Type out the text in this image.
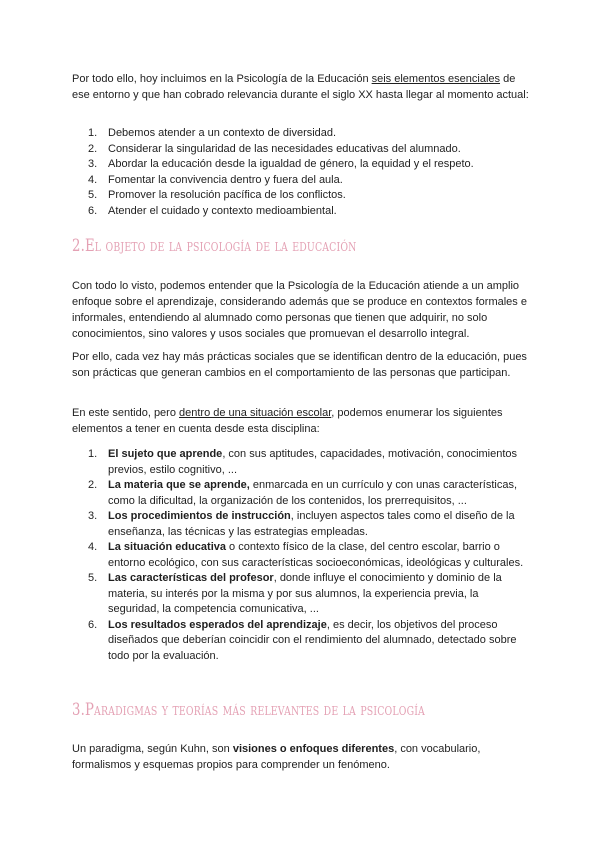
Por todo ello, hoy incluimos en la Psicología de la Educación seis elementos esenciales de ese entorno y que han cobrado relevancia durante el siglo XX hasta llegar al momento actual:

1. Debemos atender a un contexto de diversidad.
2. Considerar la singularidad de las necesidades educativas del alumnado.
3. Abordar la educación desde la igualdad de género, la equidad y el respeto.
4. Fomentar la convivencia dentro y fuera del aula.
5. Promover la resolución pacífica de los conflictos.
6. Atender el cuidado y contexto medioambiental.
2.El objeto de la psicología de la educación

Con todo lo visto, podemos entender que la Psicología de la Educación atiende a un amplio enfoque sobre el aprendizaje, considerando además que se produce en contextos formales e informales, entendiendo al alumnado como personas que tienen que adquirir, no solo conocimientos, sino valores y usos sociales que promuevan el desarrollo integral.

Por ello, cada vez hay más prácticas sociales que se identifican dentro de la educación, pues son prácticas que generan cambios en el comportamiento de las personas que participan.

En este sentido, pero dentro de una situación escolar, podemos enumerar los siguientes elementos a tener en cuenta desde esta disciplina:

1. El sujeto que aprende, con sus aptitudes, capacidades, motivación, conocimientos previos, estilo cognitivo, ...
2. La materia que se aprende, enmarcada en un currículo y con unas características, como la dificultad, la organización de los contenidos, los prerrequisitos, ...
3. Los procedimientos de instrucción, incluyen aspectos tales como el diseño de la enseñanza, las técnicas y las estrategias empleadas.
4. La situación educativa o contexto físico de la clase, del centro escolar, barrio o entorno ecológico, con sus características socioeconómicas, ideológicas y culturales.
5. Las características del profesor, donde influye el conocimiento y dominio de la materia, su interés por la misma y por sus alumnos, la experiencia previa, la seguridad, la competencia comunicativa, ...
6. Los resultados esperados del aprendizaje, es decir, los objetivos del proceso diseñados que deberían coincidir con el rendimiento del alumnado, detectado sobre todo por la evaluación.
3.Paradigmas y teorías más relevantes de la psicología

Un paradigma, según Kuhn, son visiones o enfoques diferentes, con vocabulario, formalismos y esquemas propios para comprender un fenómeno.
